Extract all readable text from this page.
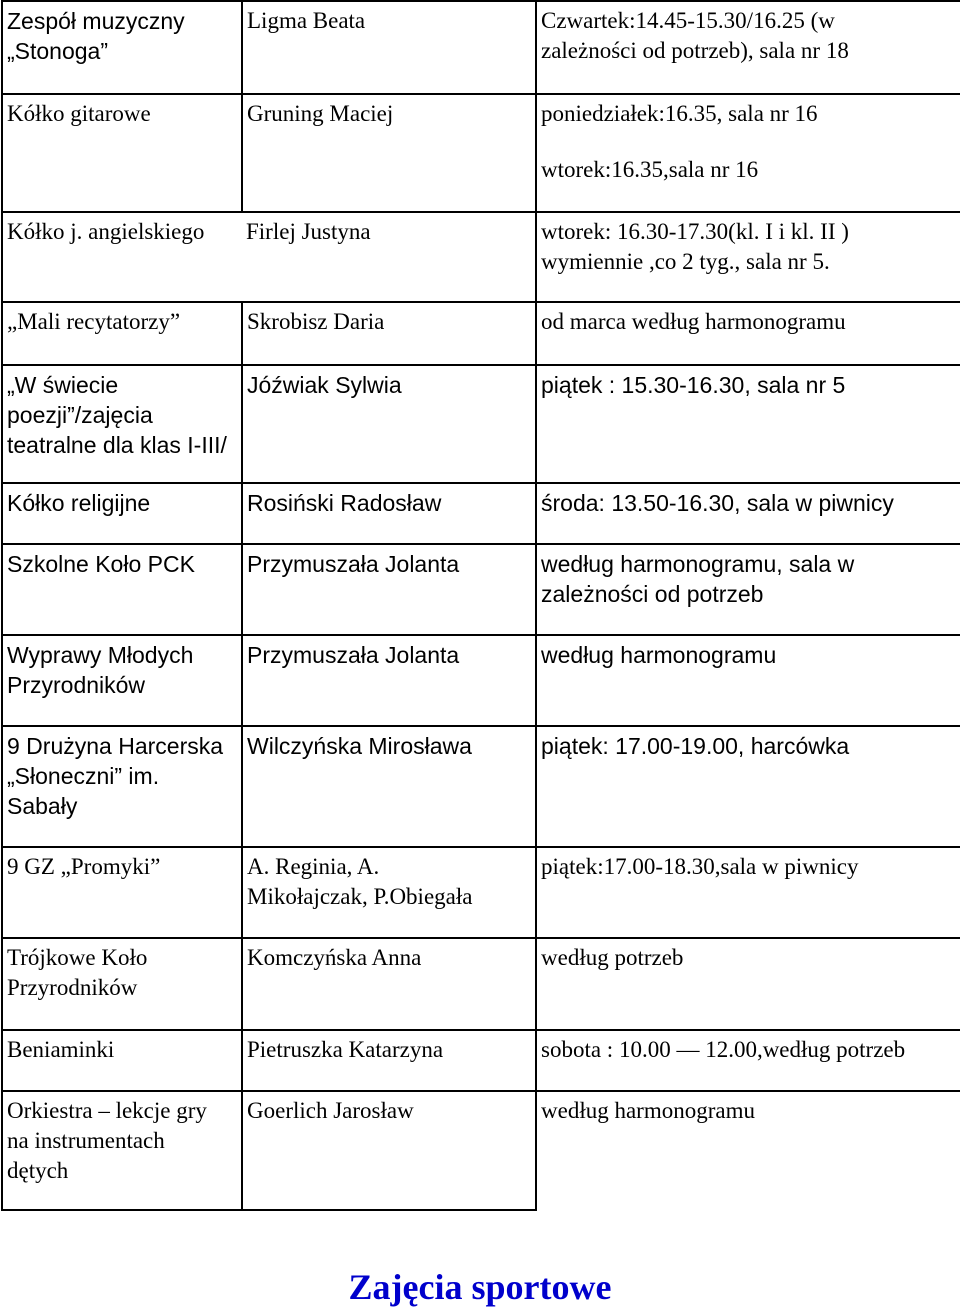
Zespół muzyczny
„Stonoga”	Ligma Beata	Czwartek:14.45-15.30/16.25 (w
zależności od potrzeb), sala nr 18

Kółko gitarowe	Gruning Maciej	poniedziałek:16.35, sala nr 16
wtorek:16.35,sala nr 16

Kółko j. angielskiego	Firlej Justyna	wtorek: 16.30-17.30(kl. I i kl. II )
wymiennie ,co 2 tyg., sala nr 5.

„Mali recytatorzy”	Skrobisz Daria	od marca według harmonogramu

„W świecie
poezji”/zajęcia
teatralne dla klas I-III/	Jóźwiak Sylwia	piątek : 15.30-16.30, sala nr 5

Kółko religijne	Rosiński Radosław	środa: 13.50-16.30, sala w piwnicy

Szkolne Koło PCK	Przymuszała Jolanta	według harmonogramu, sala w
zależności od potrzeb

Wyprawy Młodych
Przyrodników	Przymuszała Jolanta	według harmonogramu

9 Drużyna Harcerska
„Słoneczni” im.
Sabały	Wilczyńska Mirosława	piątek: 17.00-19.00, harcówka

9 GZ „Promyki”	A. Reginia, A.
Mikołajczak, P.Obiegała	piątek:17.00-18.30,sala w piwnicy

Trójkowe Koło
Przyrodników	Komczyńska Anna	według potrzeb

Beniaminki	Pietruszka Katarzyna	sobota : 10.00 — 12.00,według potrzeb

Orkiestra – lekcje gry
na instrumentach
dętych	Goerlich Jarosław	według harmonogramu
Zajęcia sportowe
